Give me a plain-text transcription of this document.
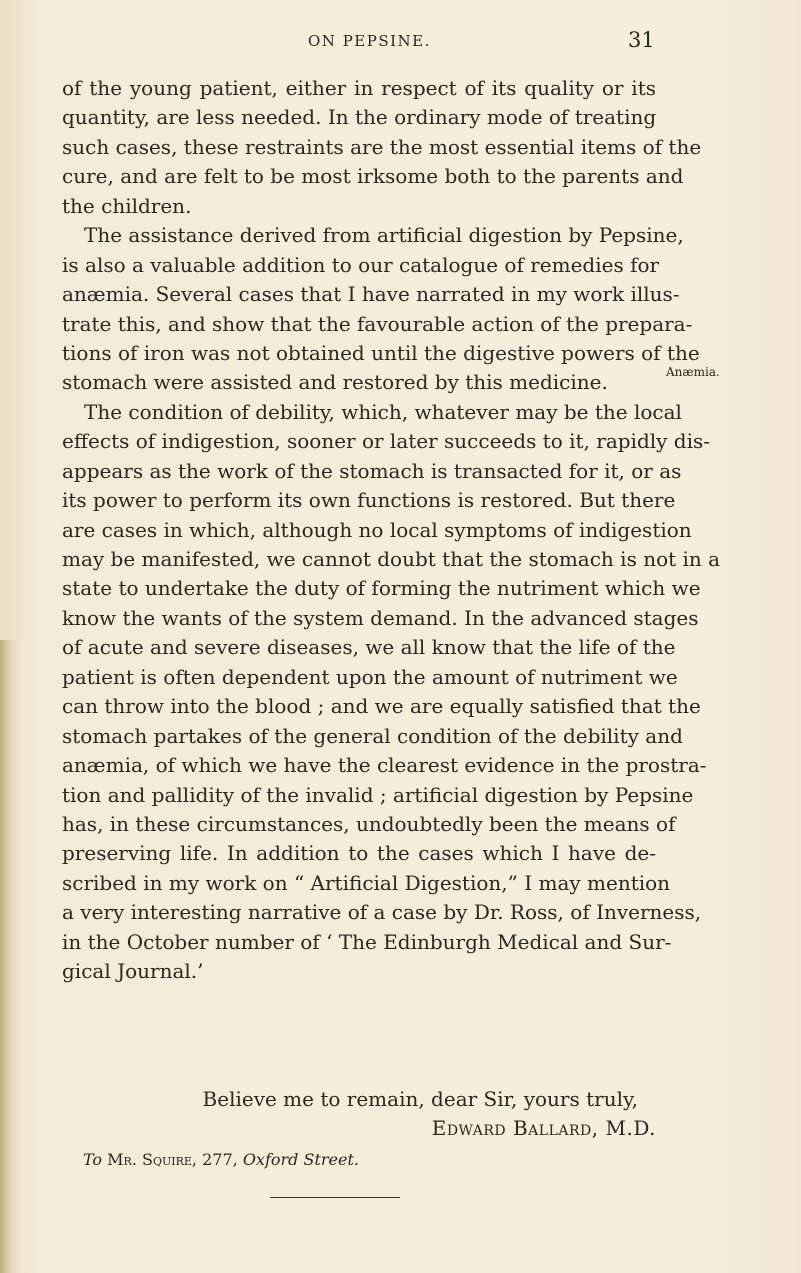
ON PEPSINE.	31
of the young patient, either in respect of its quality or its
quantity, are less needed. In the ordinary mode of treating
such cases, these restraints are the most essential items of the
cure, and are felt to be most irksome both to the parents and
the children.
The assistance derived from artificial digestion by Pepsine,
is also a valuable addition to our catalogue of remedies for
anæmia. Several cases that I have narrated in my work illus-
trate this, and show that the favourable action of the prepara-
tions of iron was not obtained until the digestive powers of the
stomach were assisted and restored by this medicine.
The condition of debility, which, whatever may be the local
effects of indigestion, sooner or later succeeds to it, rapidly dis-
appears as the work of the stomach is transacted for it, or as
its power to perform its own functions is restored. But there
are cases in which, although no local symptoms of indigestion
may be manifested, we cannot doubt that the stomach is not in a
state to undertake the duty of forming the nutriment which we
know the wants of the system demand. In the advanced stages
of acute and severe diseases, we all know that the life of the
patient is often dependent upon the amount of nutriment we
can throw into the blood ; and we are equally satisfied that the
stomach partakes of the general condition of the debility and
anæmia, of which we have the clearest evidence in the prostra-
tion and pallidity of the invalid ; artificial digestion by Pepsine
has, in these circumstances, undoubtedly been the means of
preserving life. In addition to the cases which I have de-
scribed in my work on “ Artificial Digestion,” I may mention
a very interesting narrative of a case by Dr. Ross, of Inverness,
in the October number of ‘ The Edinburgh Medical and Sur-
gical Journal.’
Anæmia.
Believe me to remain, dear Sir, yours truly,
Edward Ballard, M.D.
To Mr. Squire, 277, Oxford Street.
